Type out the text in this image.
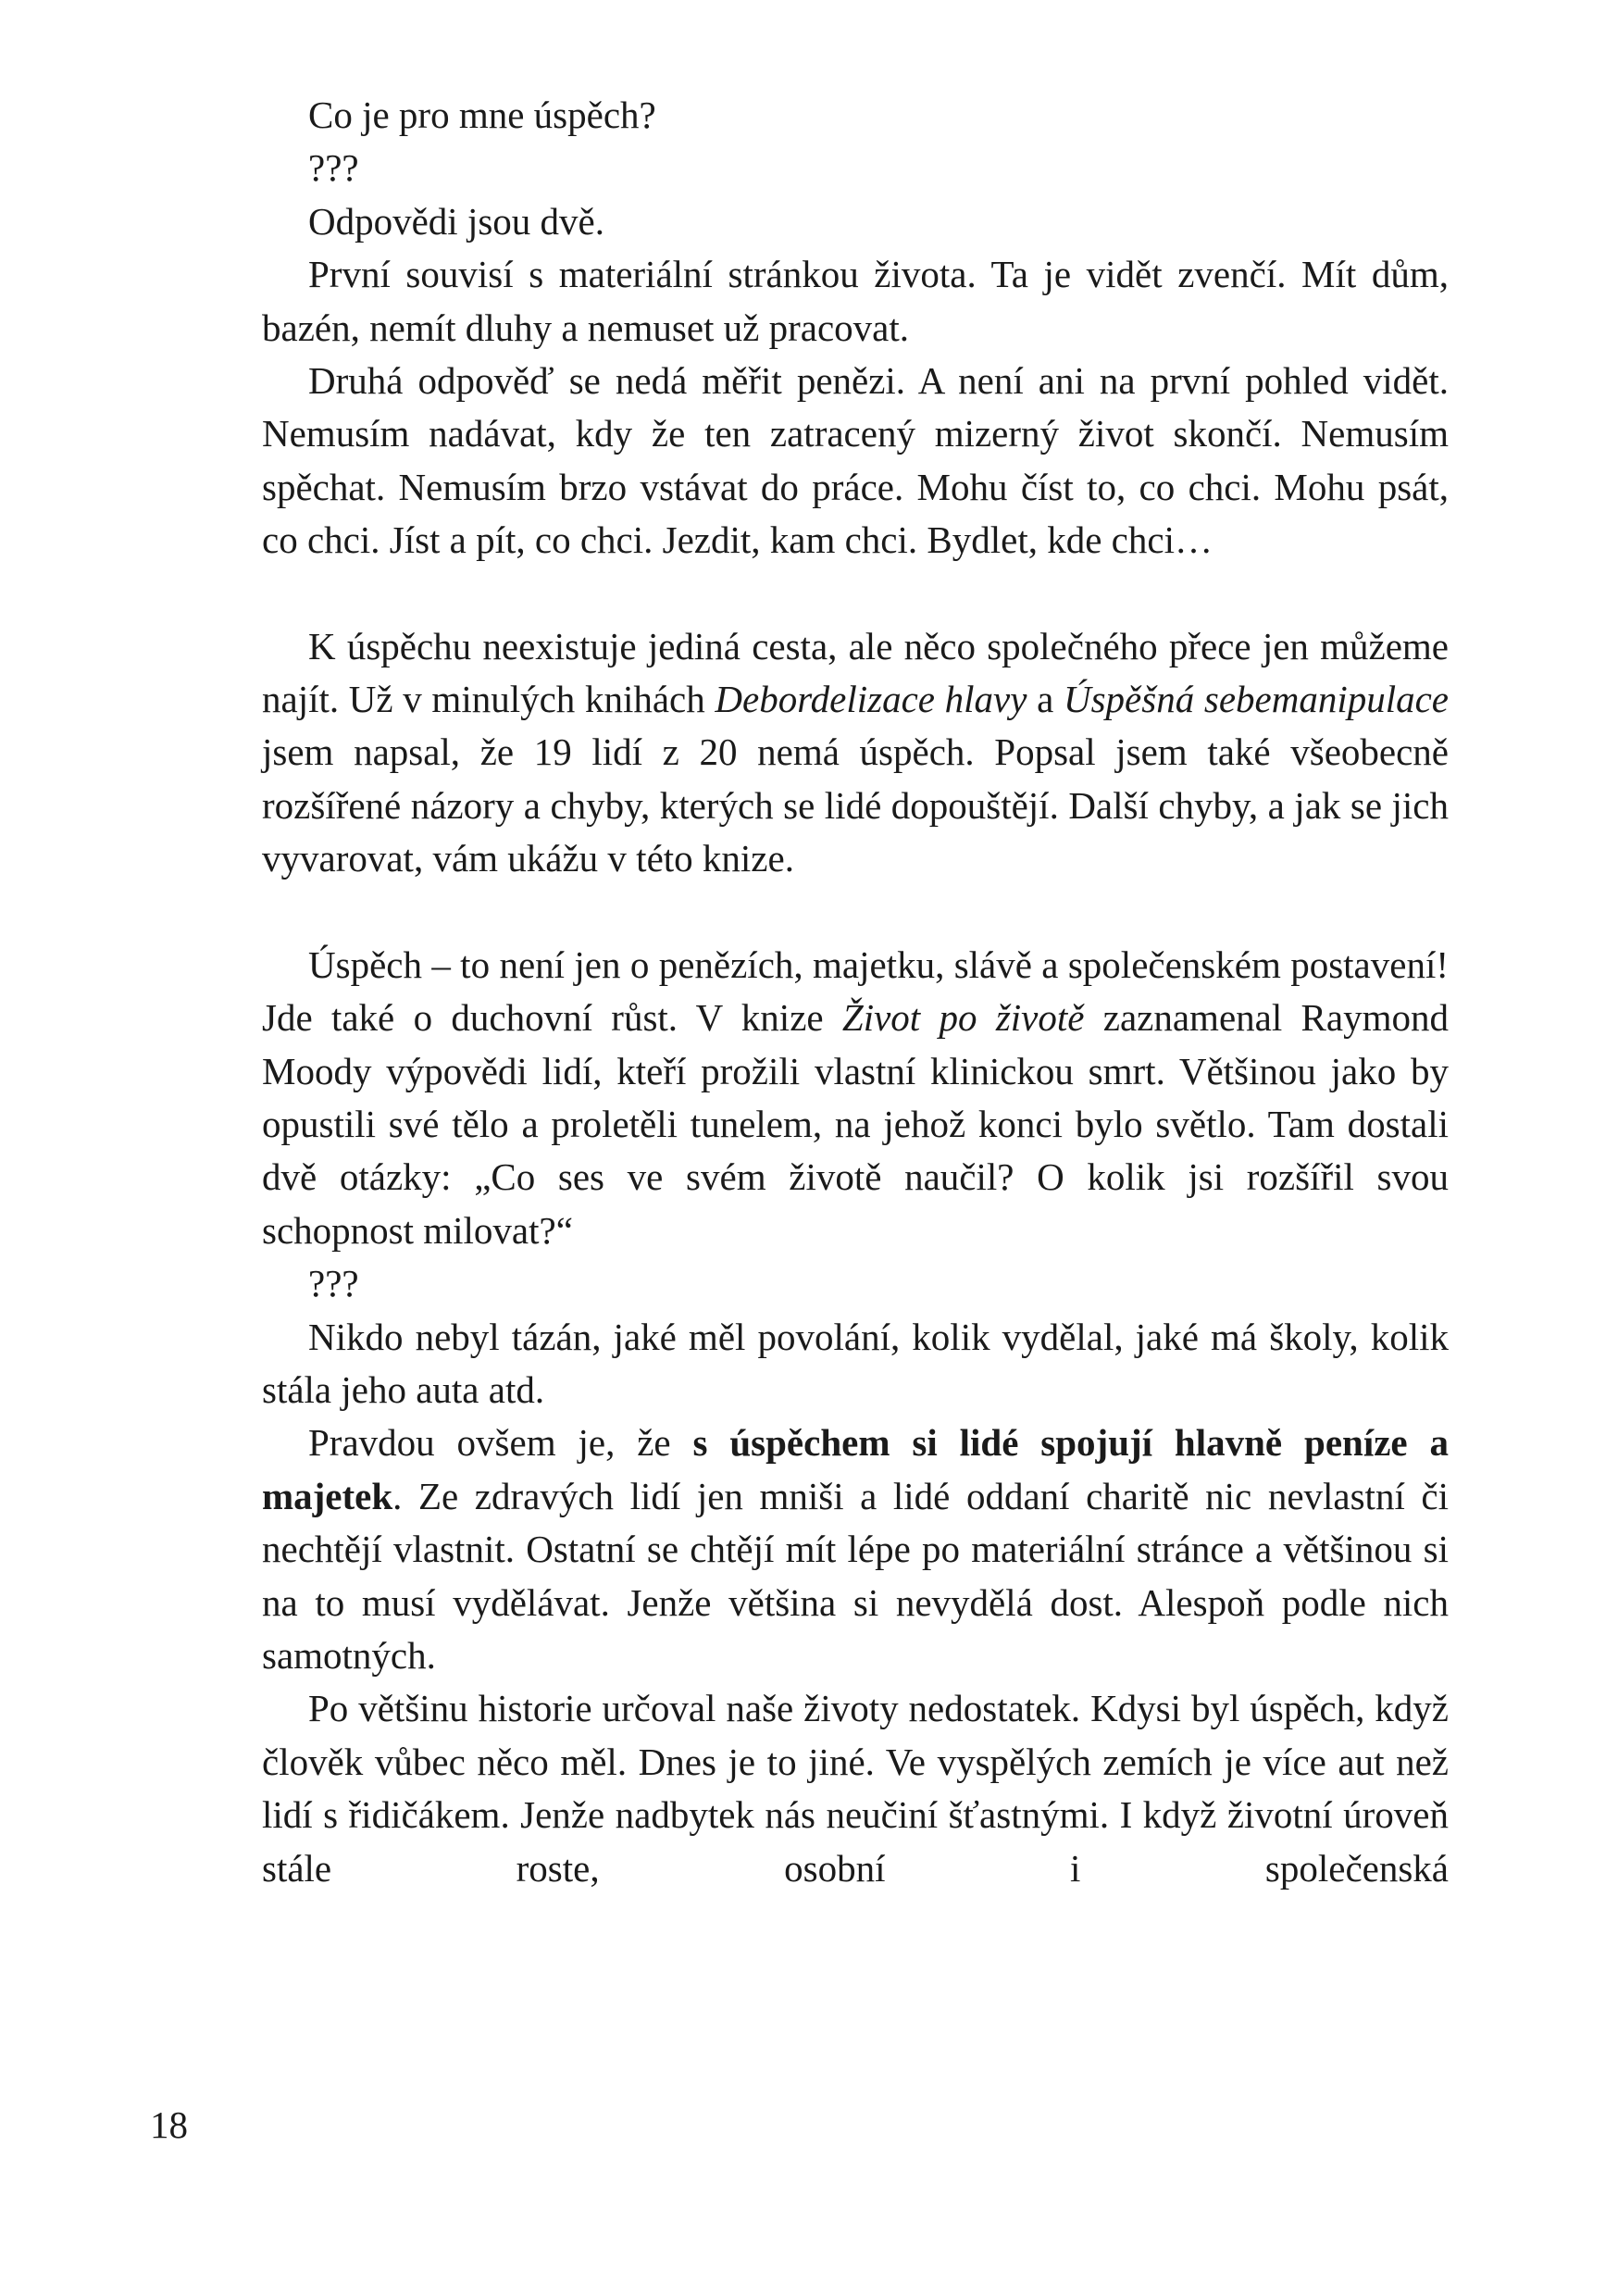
Co je pro mne úspěch?

???

Odpovědi jsou dvě.

První souvisí s materiální stránkou života. Ta je vidět zvenčí. Mít dům, bazén, nemít dluhy a nemuset už pracovat.

Druhá odpověď se nedá měřit penězi. A není ani na první pohled vidět. Nemusím nadávat, kdy že ten zatracený mizerný život skončí. Nemusím spěchat. Nemusím brzo vstávat do práce. Mohu číst to, co chci. Mohu psát, co chci. Jíst a pít, co chci. Jezdit, kam chci. Bydlet, kde chci…

K úspěchu neexistuje jediná cesta, ale něco společného přece jen můžeme najít. Už v minulých knihách Debordelizace hlavy a Úspěšná sebemanipulace jsem napsal, že 19 lidí z 20 nemá úspěch. Popsal jsem také všeobecně rozšířené názory a chyby, kterých se lidé dopouštějí. Další chyby, a jak se jich vyvarovat, vám ukážu v této knize.

Úspěch – to není jen o penězích, majetku, slávě a společenském postavení! Jde také o duchovní růst. V knize Život po životě zaznamenal Raymond Moody výpovědi lidí, kteří prožili vlastní klinickou smrt. Většinou jako by opustili své tělo a proletěli tunelem, na jehož konci bylo světlo. Tam dostali dvě otázky: „Co ses ve svém životě naučil? O kolik jsi rozšířil svou schopnost milovat?“

???

Nikdo nebyl tázán, jaké měl povolání, kolik vydělal, jaké má školy, kolik stála jeho auta atd.

Pravdou ovšem je, že s úspěchem si lidé spojují hlavně peníze a majetek. Ze zdravých lidí jen mniši a lidé oddaní charitě nic nevlastní či nechtějí vlastnit. Ostatní se chtějí mít lépe po materiální stránce a většinou si na to musí vydělávat. Jenže většina si nevydělá dost. Alespoň podle nich samotných.

Po většinu historie určoval naše životy nedostatek. Kdysi byl úspěch, když člověk vůbec něco měl. Dnes je to jiné. Ve vyspělých zemích je více aut než lidí s řidičákem. Jenže nadbytek nás neučiní šťastnými. I když životní úroveň stále roste, osobní i společenská

18
